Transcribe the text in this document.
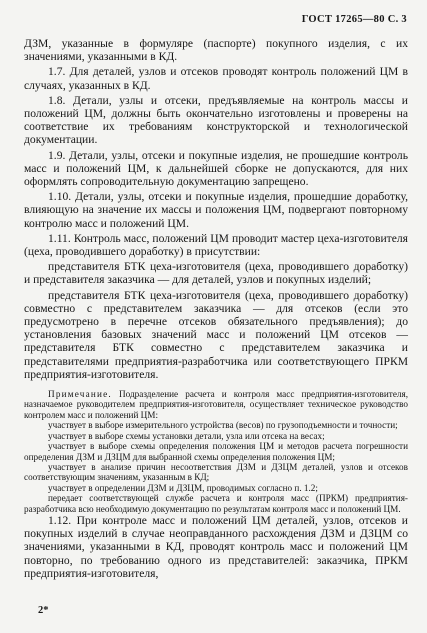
ГОСТ 17265—80 С. 3

ДЗМ, указанные в формуляре (паспорте) покупного изделия, с их значениями, указанными в КД.

1.7. Для деталей, узлов и отсеков проводят контроль положений ЦМ в случаях, указанных в КД.

1.8. Детали, узлы и отсеки, предъявляемые на контроль массы и положений ЦМ, должны быть окончательно изготовлены и проверены на соответствие их требованиям конструкторской и технологической документации.

1.9. Детали, узлы, отсеки и покупные изделия, не прошедшие контроль масс и положений ЦМ, к дальнейшей сборке не допускаются, для них оформлять сопроводительную документацию запрещено.

1.10. Детали, узлы, отсеки и покупные изделия, прошедшие доработку, влияющую на значение их массы и положения ЦМ, подвергают повторному контролю масс и положений ЦМ.

1.11. Контроль масс, положений ЦМ проводит мастер цеха-изготовителя (цеха, проводившего доработку) в присутствии:

представителя БТК цеха-изготовителя (цеха, проводившего доработку) и представителя заказчика — для деталей, узлов и покупных изделий;

представителя БТК цеха-изготовителя (цеха, проводившего доработку) совместно с представителем заказчика — для отсеков (если это предусмотрено в перечне отсеков обязательного предъявления); до установления базовых значений масс и положений ЦМ отсеков — представителя БТК совместно с представителем заказчика и представителями предприятия-разработчика или соответствующего ПРКМ предприятия-изготовителя.

Примечание. Подразделение расчета и контроля масс предприятия-изготовителя, назначаемое руководителем предприятия-изготовителя, осуществляет техническое руководство контролем масс и положений ЦМ:

участвует в выборе измерительного устройства (весов) по грузоподъемности и точности;

участвует в выборе схемы установки детали, узла или отсека на весах;

участвует в выборе схемы определения положения ЦМ и методов расчета погрешности определения ДЗМ и ДЗЦМ для выбранной схемы определения положения ЦМ;

участвует в анализе причин несоответствия ДЗМ и ДЗЦМ деталей, узлов и отсеков соответствующим значениям, указанным в КД;

участвует в определении ДЗМ и ДЗЦМ, проводимых согласно п. 1.2;

передает соответствующей службе расчета и контроля масс (ПРКМ) предприятия-разработчика всю необходимую документацию по результатам контроля масс и положений ЦМ.

1.12. При контроле масс и положений ЦМ деталей, узлов, отсеков и покупных изделий в случае неоправданного расхождения ДЗМ и ДЗЦМ со значениями, указанными в КД, проводят контроль масс и положений ЦМ повторно, по требованию одного из представителей: заказчика, ПРКМ предприятия-изготовителя,

2*
